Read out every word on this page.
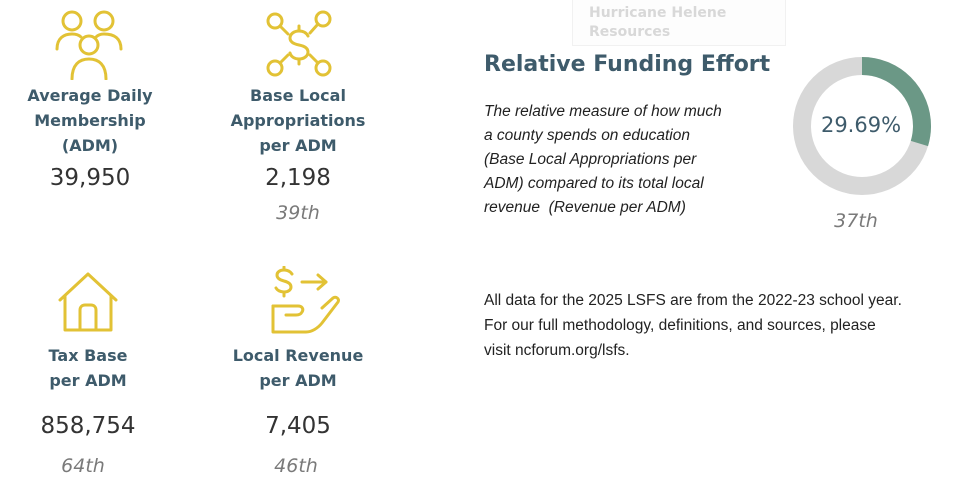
Hurricane Helene
Resources
Average Daily
Membership
(ADM)
39,950
Base Local
Appropriations
per ADM
2,198
39th
Tax Base
per ADM
858,754
64th
Local Revenue
per ADM
7,405
46th
Relative Funding Effort
The relative measure of how much
a county spends on education
(Base Local Appropriations per
ADM) compared to its total local
revenue  (Revenue per ADM)
29.69%
37th
All data for the 2025 LSFS are from the 2022-23 school year.
For our full methodology, definitions, and sources, please
visit ncforum.org/lsfs.
